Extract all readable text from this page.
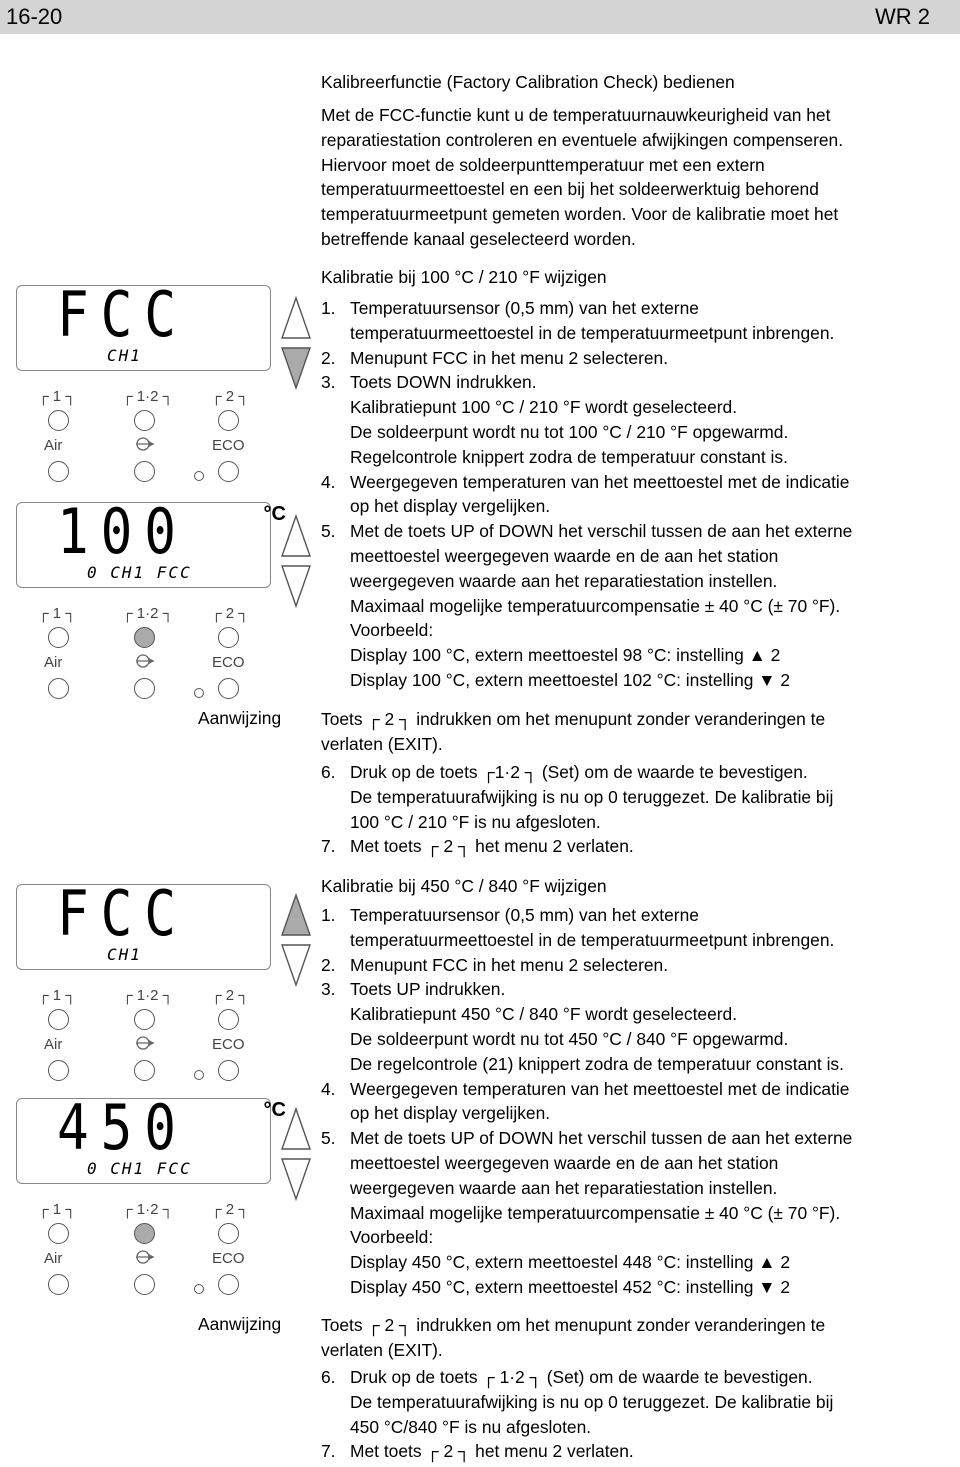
16-20	WR 2
Kalibreerfunctie (Factory Calibration Check) bedienen
Met de FCC-functie kunt u de temperatuurnauwkeurigheid van het
reparatiestation controleren en eventuele afwijkingen compenseren.
Hiervoor moet de soldeerpunttemperatuur met een extern
temperatuurmeettoestel en een bij het soldeerwerktuig behorend
temperatuurmeetpunt gemeten worden. Voor de kalibratie moet het
betreffende kanaal geselecteerd worden.
Kalibratie bij 100 °C / 210 °F wijzigen
1. Temperatuursensor (0,5 mm) van het externe
temperatuurmeettoestel in de temperatuurmeetpunt inbrengen.
2. Menupunt FCC in het menu 2 selecteren.
3. Toets DOWN indrukken.
Kalibratiepunt 100 °C / 210 °F wordt geselecteerd.
De soldeerpunt wordt nu tot 100 °C / 210 °F opgewarmd.
Regelcontrole knippert zodra de temperatuur constant is.
4. Weergegeven temperaturen van het meettoestel met de indicatie
op het display vergelijken.
5. Met de toets UP of DOWN het verschil tussen de aan het externe
meettoestel weergegeven waarde en de aan het station
weergegeven waarde aan het reparatiestation instellen.
Maximaal mogelijke temperatuurcompensatie ± 40 °C (± 70 °F).
Voorbeeld:
Display 100 °C, extern meettoestel 98 °C: instelling ▲ 2
Display 100 °C, extern meettoestel 102 °C: instelling ▼ 2
Aanwijzing Toets ┌ 2 ┐ indrukken om het menupunt zonder veranderingen te
verlaten (EXIT).
6. Druk op de toets ┌1·2 ┐ (Set) om de waarde te bevestigen.
De temperatuurafwijking is nu op 0 teruggezet. De kalibratie bij
100 °C / 210 °F is nu afgesloten.
7. Met toets ┌ 2 ┐ het menu 2 verlaten.
Kalibratie bij 450 °C / 840 °F wijzigen
1. Temperatuursensor (0,5 mm) van het externe
temperatuurmeettoestel in de temperatuurmeetpunt inbrengen.
2. Menupunt FCC in het menu 2 selecteren.
3. Toets UP indrukken.
Kalibratiepunt 450 °C / 840 °F wordt geselecteerd.
De soldeerpunt wordt nu tot 450 °C / 840 °F opgewarmd.
De regelcontrole (21) knippert zodra de temperatuur constant is.
4. Weergegeven temperaturen van het meettoestel met de indicatie
op het display vergelijken.
5. Met de toets UP of DOWN het verschil tussen de aan het externe
meettoestel weergegeven waarde en de aan het station
weergegeven waarde aan het reparatiestation instellen.
Maximaal mogelijke temperatuurcompensatie ± 40 °C (± 70 °F).
Voorbeeld:
Display 450 °C, extern meettoestel 448 °C: instelling ▲ 2
Display 450 °C, extern meettoestel 452 °C: instelling ▼ 2
Aanwijzing Toets ┌ 2 ┐ indrukken om het menupunt zonder veranderingen te
verlaten (EXIT).
6. Druk op de toets ┌ 1·2 ┐ (Set) om de waarde te bevestigen.
De temperatuurafwijking is nu op 0 teruggezet. De kalibratie bij
450 °C/840 °F is nu afgesloten.
7. Met toets ┌ 2 ┐ het menu 2 verlaten.
FCC
CH1
┌ 1 ┐	┌ 1·2 ┐	┌ 2 ┐
Air	ECO
100
0 CH1 FCC
°C
┌ 1 ┐	┌ 1·2 ┐	┌ 2 ┐
Air	ECO
FCC
CH1
┌ 1 ┐	┌ 1·2 ┐	┌ 2 ┐
Air	ECO
450
0 CH1 FCC
°C
┌ 1 ┐	┌ 1·2 ┐	┌ 2 ┐
Air	ECO
